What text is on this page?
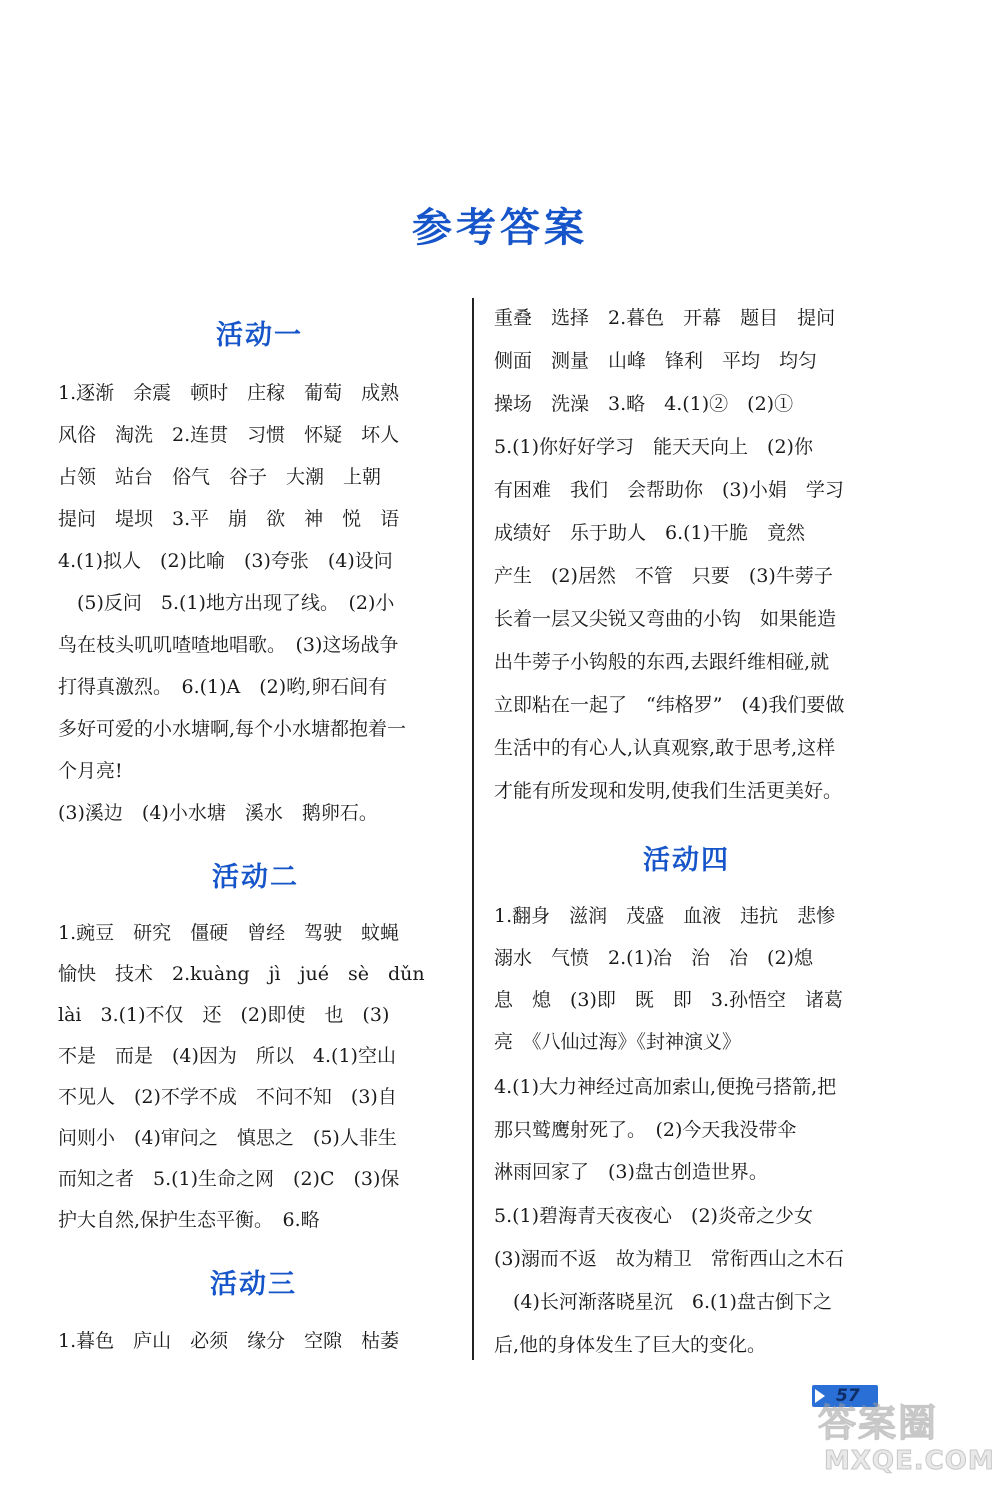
参考答案
活动一
1.逐渐　余震　顿时　庄稼　葡萄　成熟
风俗　淘洗　2.连贯　习惯　怀疑　坏人
占领　站台　俗气　谷子　大潮　上朝
提问　堤坝　3.平　崩　欲　神　悦　语
4.(1)拟人　(2)比喻　(3)夸张　(4)设问
　(5)反问　5.(1)地方出现了线。　(2)小
鸟在枝头叽叽喳喳地唱歌。　(3)这场战争
打得真激烈。　6.(1)A　(2)哟,卵石间有
多好可爱的小水塘啊,每个小水塘都抱着一
个月亮!
(3)溪边　(4)小水塘　溪水　鹅卵石。
活动二
1.豌豆　研究　僵硬　曾经　驾驶　蚊蝇
愉快　技术　2.kuàng　jì　jué　sè　dǔn
lài　3.(1)不仅　还　(2)即使　也　(3)
不是　而是　(4)因为　所以　4.(1)空山
不见人　(2)不学不成　不问不知　(3)自
问则小　(4)审问之　慎思之　(5)人非生
而知之者　5.(1)生命之网　(2)C　(3)保
护大自然,保护生态平衡。　6.略
活动三
1.暮色　庐山　必须　缘分　空隙　枯萎
重叠　选择　2.暮色　开幕　题目　提问
侧面　测量　山峰　锋利　平均　均匀
操场　洗澡　3.略　4.(1)②　(2)①
5.(1)你好好学习　能天天向上　(2)你
有困难　我们　会帮助你　(3)小娟　学习
成绩好　乐于助人　6.(1)干脆　竟然
产生　(2)居然　不管　只要　(3)牛蒡子
长着一层又尖锐又弯曲的小钩　如果能造
出牛蒡子小钩般的东西,去跟纤维相碰,就
立即粘在一起了　“纬格罗”　(4)我们要做
生活中的有心人,认真观察,敢于思考,这样
才能有所发现和发明,使我们生活更美好。
活动四
1.翻身　滋润　茂盛　血液　违抗　悲惨
溺水　气愤　2.(1)冶　治　冶　(2)熄
息　熄　(3)即　既　即　3.孙悟空　诸葛
亮　《八仙过海》《封神演义》
4.(1)大力神经过高加索山,便挽弓搭箭,把
那只鹫鹰射死了。　(2)今天我没带伞
淋雨回家了　(3)盘古创造世界。
5.(1)碧海青天夜夜心　(2)炎帝之少女
(3)溺而不返　故为精卫　常衔西山之木石
　(4)长河渐落晓星沉　6.(1)盘古倒下之
后,他的身体发生了巨大的变化。
57
答案圈
MXQE.COM
